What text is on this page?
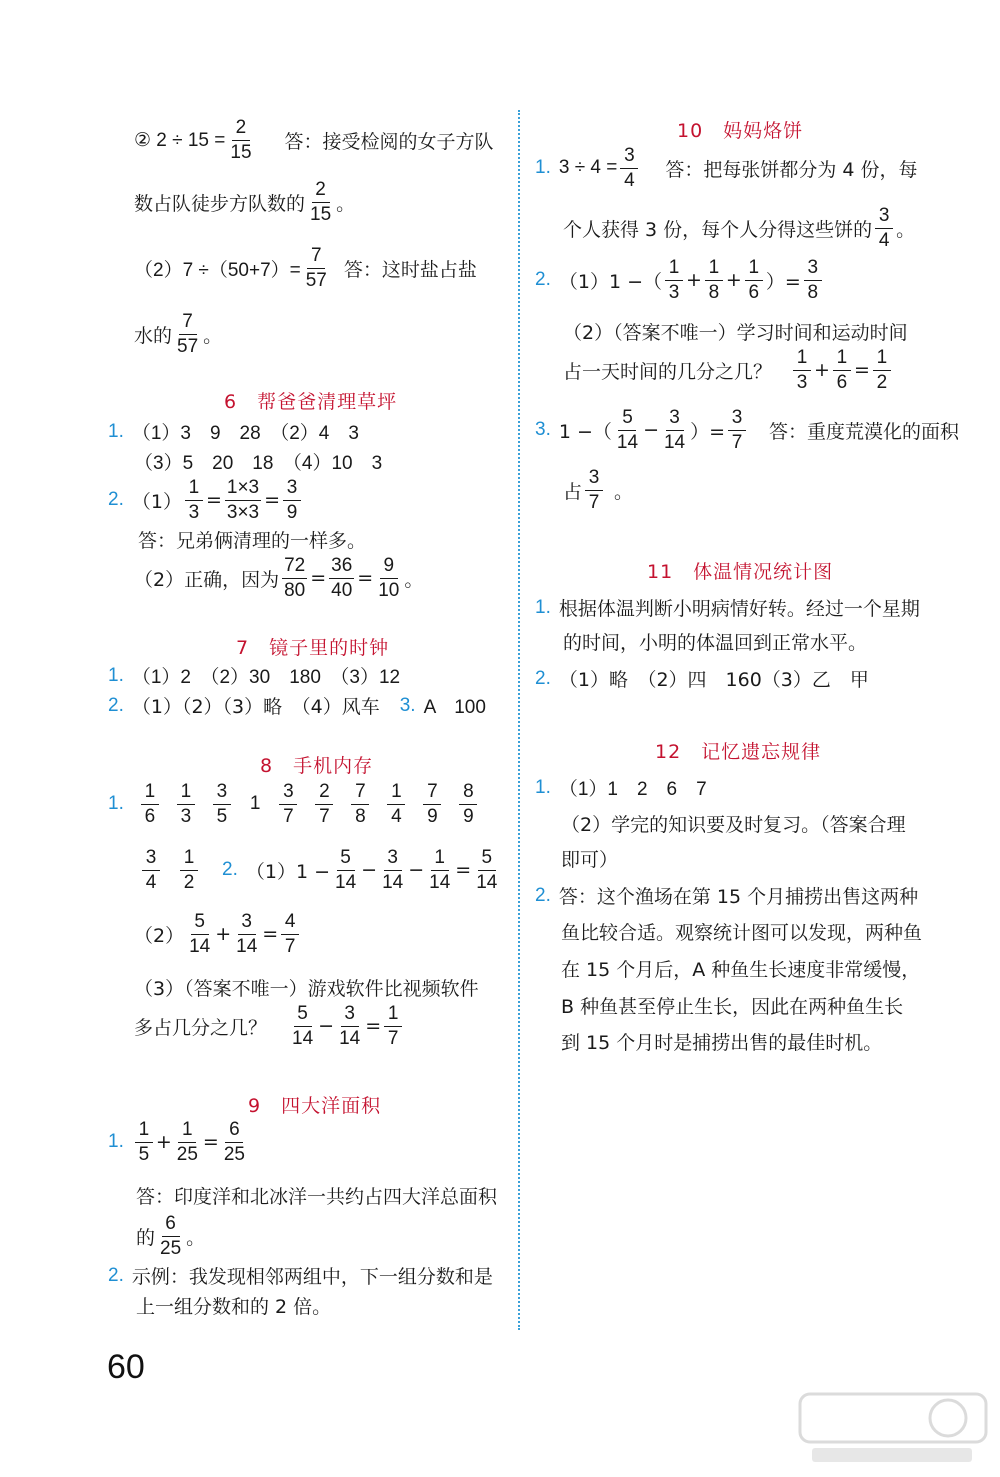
② $2 \div 15 = \frac{2}{15}$ 答：接受检阅的女子方队
数占队徒步方队数的 $\frac{2}{15}$ 。
$(2)7 \div(50+7)= \frac{7}{57}$ 答：这时盐占盐
水的 $\frac{7}{57}$ 。
6　帮爸爸清理草坪
1. （1）3　9　28　（2）4　3
（3）5　20　18　（4）10　3
2. $(1) \frac{1}{3} = \frac{1\times 3}{3\times 3} = \frac{3}{9}$
答：兄弟俩清理的一样多。
（2）正确，因为 $\frac{72}{80} = \frac{36}{40} = \frac{9}{10}$ 。
7　镜子里的时钟
1. （1）2　（2）30　180　（3）12
2. （1）（2）（3）略　（4）风车 3. A　100
8　手机内存
1. $\frac{1}{6} \frac{1}{3} \frac{3}{5} 1 \frac{3}{7} \frac{2}{7} \frac{7}{8} \frac{1}{4} \frac{7}{9} \frac{8}{9}$
$\frac{3}{4} \frac{1}{2} 2$. $(1)1 - \frac{5}{14} - \frac{3}{14} - \frac{1}{14} = \frac{5}{14}$
$(2) \frac{5}{14} + \frac{3}{14} = \frac{4}{7}$
（3）（答案不唯一）游戏软件比视频软件
多占几分之几？ $\frac{5}{14} - \frac{3}{14} = \frac{1}{7}$
9　四大洋面积
1. $\frac{1}{5} + \frac{1}{25} = \frac{6}{25}$
答：印度洋和北冰洋一共约占四大洋总面积
的 $\frac{6}{25}$ 。
2. 示例：我发现相邻两组中，下一组分数和是
上一组分数和的 2 倍。
10　妈妈烙饼
1. $3 \div 4 = \frac{3}{4}$ 答：把每张饼都分为 4 份，每
个人获得 3 份，每个人分得这些饼的 $\frac{3}{4}$ 。
2. （1）1 −（ $\frac{1}{3} + \frac{1}{8} + \frac{1}{6}$ ）= $\frac{3}{8}$
（2）（答案不唯一）学习时间和运动时间
占一天时间的几分之几？ $\frac{1}{3} + \frac{1}{6} = \frac{1}{2}$
3. 1 −（ $\frac{5}{14} - \frac{3}{14}$ ）= $\frac{3}{7}$ 答：重度荒漠化的面积
占 $\frac{3}{7}$ 。
11　体温情况统计图
1. 根据体温判断小明病情好转。经过一个星期
的时间，小明的体温回到正常水平。
2. （1）略　（2）四　160（3）乙　甲
12　记忆遗忘规律
1. （1）1　2　6　7
（2）学完的知识要及时复习。（答案合理
即可）
2. 答：这个渔场在第 15 个月捕捞出售这两种
鱼比较合适。观察统计图可以发现，两种鱼
在 15 个月后，A 种鱼生长速度非常缓慢，
B 种鱼甚至停止生长，因此在两种鱼生长
到 15 个月时是捕捞出售的最佳时机。
60
